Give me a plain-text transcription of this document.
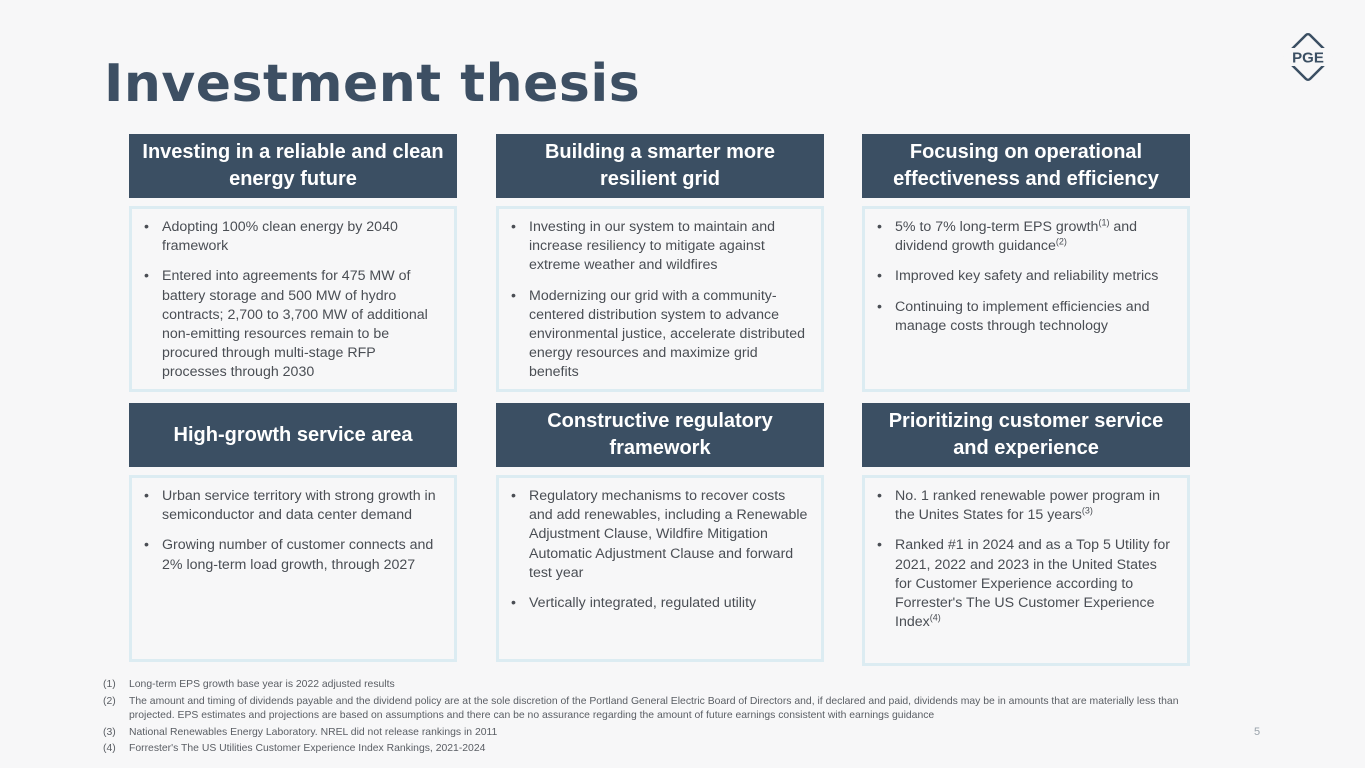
Investment thesis	PGE
Investing in a reliable and clean energy future
• Adopting 100% clean energy by 2040 framework
• Entered into agreements for 475 MW of battery storage and 500 MW of hydro contracts; 2,700 to 3,700 MW of additional non-emitting resources remain to be procured through multi-stage RFP processes through 2030
Building a smarter more resilient grid
• Investing in our system to maintain and increase resiliency to mitigate against extreme weather and wildfires
• Modernizing our grid with a community-centered distribution system to advance environmental justice, accelerate distributed energy resources and maximize grid benefits
Focusing on operational effectiveness and efficiency
• 5% to 7% long-term EPS growth$^{(1)}$ and dividend growth guidance$^{(2)}$
• Improved key safety and reliability metrics
• Continuing to implement efficiencies and manage costs through technology
High-growth service area
• Urban service territory with strong growth in semiconductor and data center demand
• Growing number of customer connects and 2% long-term load growth, through 2027
Constructive regulatory framework
• Regulatory mechanisms to recover costs and add renewables, including a Renewable Adjustment Clause, Wildfire Mitigation Automatic Adjustment Clause and forward test year
• Vertically integrated, regulated utility
Prioritizing customer service and experience
• No. 1 ranked renewable power program in the Unites States for 15 years$^{(3)}$
• Ranked #1 in 2024 and as a Top 5 Utility for 2021, 2022 and 2023 in the United States for Customer Experience according to Forrester's The US Customer Experience Index$^{(4)}$
(1)	Long-term EPS growth base year is 2022 adjusted results
(2)	The amount and timing of dividends payable and the dividend policy are at the sole discretion of the Portland General Electric Board of Directors and, if declared and paid, dividends may be in amounts that are materially less than projected. EPS estimates and projections are based on assumptions and there can be no assurance regarding the amount of future earnings consistent with earnings guidance
(3)	National Renewables Energy Laboratory. NREL did not release rankings in 2011
(4)	Forrester's The US Utilities Customer Experience Index Rankings, 2021-2024
5
